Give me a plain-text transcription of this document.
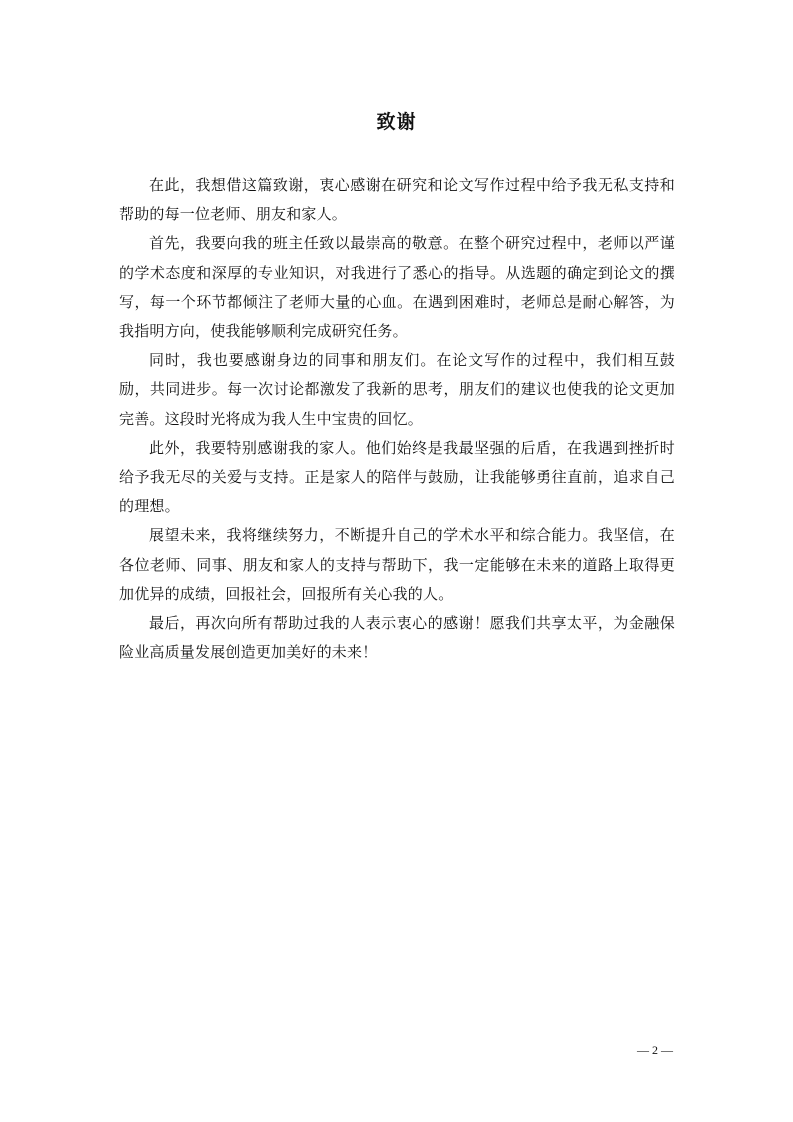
致谢

在此，我想借这篇致谢，衷心感谢在研究和论文写作过程中给予我无私支持和帮助的每一位老师、朋友和家人。

首先，我要向我的班主任致以最崇高的敬意。在整个研究过程中，老师以严谨的学术态度和深厚的专业知识，对我进行了悉心的指导。从选题的确定到论文的撰写，每一个环节都倾注了老师大量的心血。在遇到困难时，老师总是耐心解答，为我指明方向，使我能够顺利完成研究任务。

同时，我也要感谢身边的同事和朋友们。在论文写作的过程中，我们相互鼓励，共同进步。每一次讨论都激发了我新的思考，朋友们的建议也使我的论文更加完善。这段时光将成为我人生中宝贵的回忆。

此外，我要特别感谢我的家人。他们始终是我最坚强的后盾，在我遇到挫折时给予我无尽的关爱与支持。正是家人的陪伴与鼓励，让我能够勇往直前，追求自己的理想。

展望未来，我将继续努力，不断提升自己的学术水平和综合能力。我坚信，在各位老师、同事、朋友和家人的支持与帮助下，我一定能够在未来的道路上取得更加优异的成绩，回报社会，回报所有关心我的人。

最后，再次向所有帮助过我的人表示衷心的感谢！愿我们共享太平，为金融保险业高质量发展创造更加美好的未来！

— 2 —
